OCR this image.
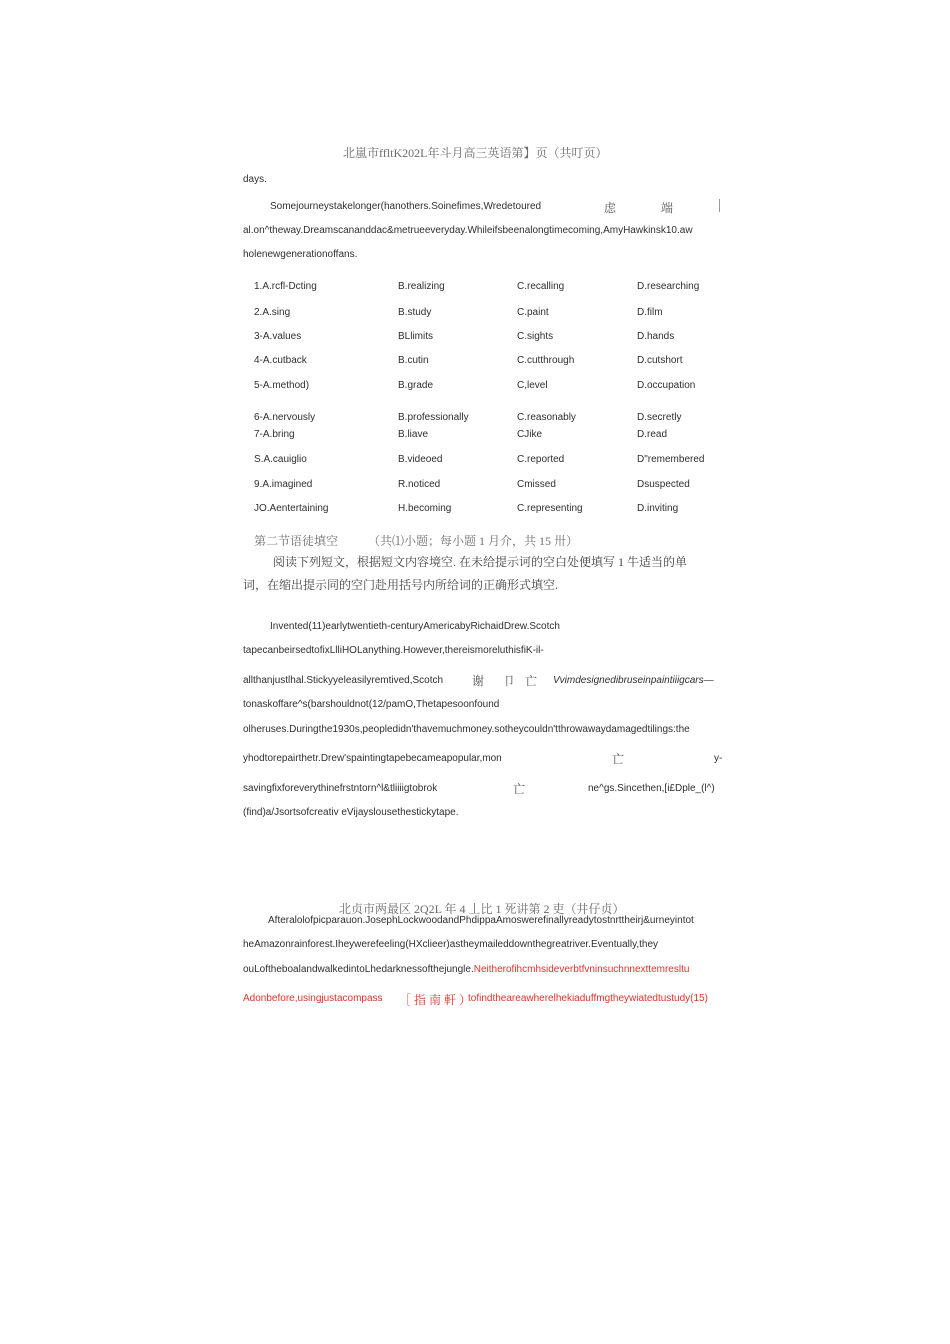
北嵐市ffltK202L年斗月高三英语第】页（共叮页）
days.
Somejourneystakelonger(hanothers.Soinefimes,Wredetoured	虑	端
al.on^theway.Dreamscananddac&metrueeveryday.Whileifsbeenalongtimecoming,AmyHawkinsk10.aw
holenewgenerationoffans.
1.A.rcfl-Dcting	B.realizing	C.recalling	D.researching
2.A.sing	B.study	C.paint	D.film
3-A.values	BLlimits	C.sights	D.hands
4-A.cutback	B.cutin	C.cutthrough	D.cutshort
5-A.method)	B.grade	C,level	D.occupation
6-A.nervously	B.professionally	C.reasonably	D.secretly
7-A.bring	B.liave	CJike	D.read
S.A.cauiglio	B.videoed	C.reported	D"remembered
9.A.imagined	R.noticed	Cmissed	Dsuspected
JO.Aentertaining	H.becoming	C.representing	D.inviting
第二节语徒填空 （共⑴小题；每小题 1 月介，共 15 卅）
阅读下列短文，根据短文内容境空. 在未给提示诃的空白处便填写 1 牛适当的单
词，在缩出提示同的空门赴用括号内所给词的正确形式填空.
Invented(11)earlytwentieth-centuryAmericabyRichaidDrew.Scotch
tapecanbeirsedtofixLlliHOLanything.However,thereismoreluthisfiK-il-
allthanjustlhal.Stickyyeleasilyremtived,Scotch 谢 卩 亡 Vvimdesignedibruseinpaintiiigcars—
tonaskoffare^s(barshouldnot(12/pamO,Thetapesoonfound
olheruses.Duringthe1930s,peopledidn'thavemuchmoney.sotheycouldn'tthrowawaydamagedtilings:the
yhodtorepairthetr.Drew'spaintingtapebecameapopular,mon	亡	y-
savingfixforeverythinefrstntorn^l&tliiiigtobrok	亡	ne^gs.Sincethen,[i£Dple_(l^)
(find)a/Jsortsofcreativ eVijayslousethestickytape.
北贞市两最区 2Q2L 年 4 丄比 1 死讲第 2 吏（井仔贞）
Afteralolofpicparauon.JosephLockwoodandPhdippaAmoswerefinallyreadytostnrttheirj&urneyintot
heAmazonrainforest.Iheywerefeeling(HXclieer)astheymaileddownthegreatriver.Eventually,they
ouLoftheboalandwalkedintoLhedarknessofthejungle.Neitherofihcmhsideverbtfvninsuchnnexttemresltu
Adonbefore,usingjustacompass ［指南軒）
tofindtheareawherelhekiaduffmgtheywiatedtustudy(15)
